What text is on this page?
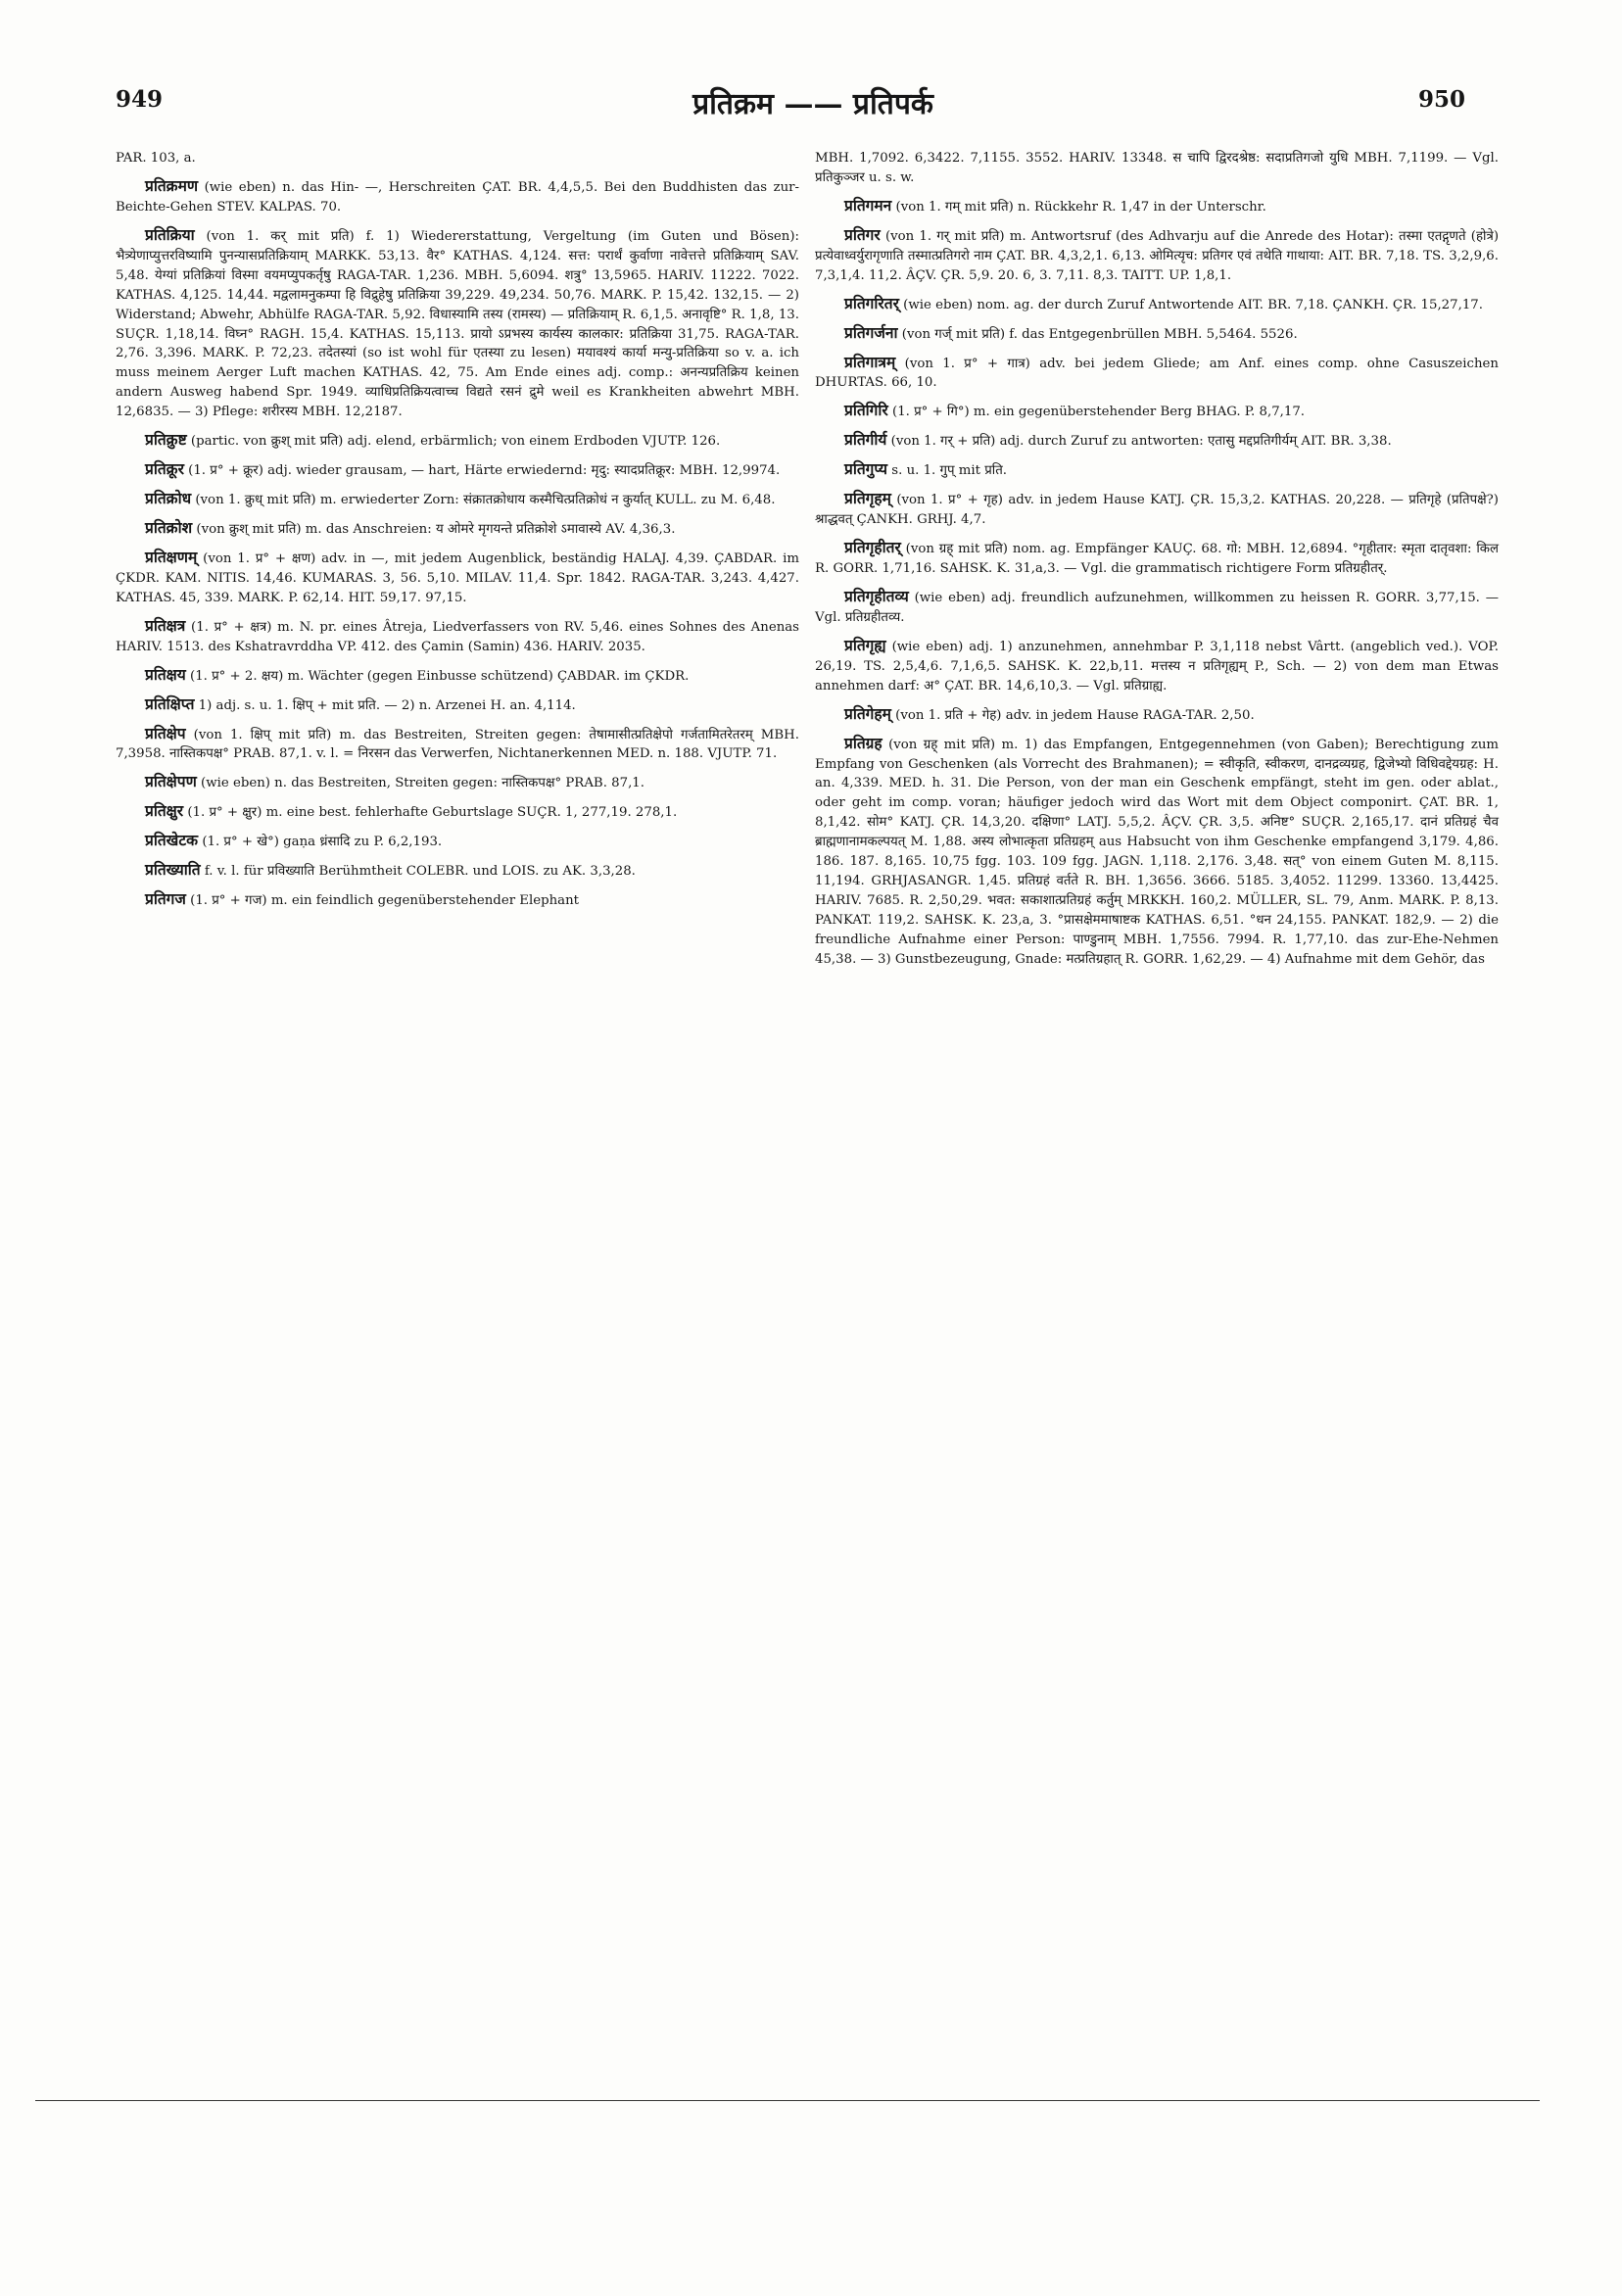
949	प्रतिक्रम —— प्रतिपर्क	950

PAR. 103, a.

प्रतिक्रमण (wie eben) n. das Hin- —, Herschreiten ÇAT. BR. 4,4,5,5. Bei den Buddhisten das zur-Beichte-Gehen STEV. KALPAS. 70.

प्रतिक्रिया (von 1. कर् mit प्रति) f. 1) Wiedererstattung, Vergeltung (im Guten und Bösen): भैत्र्येणाप्युत्तरविष्यामि पुनन्यासप्रतिक्रियाम् MARKK. 53,13. वैर° KATHAS. 4,124. सत्त: परार्थं कुर्वाणा नावेत्तत्ते प्रतिक्रियाम् SAV. 5,48. येग्यां प्रतिक्रियां विस्मा वयमप्युपकर्तृषु RAGA-TAR. 1,236. MBH. 5,6094. शत्रु° 13,5965. HARIV. 11222. 7022. KATHAS. 4,125. 14,44. मद्वलामनुकम्पा हि विद्रुहेषु प्रतिक्रिया 39,229. 49,234. 50,76. MARK. P. 15,42. 132,15. — 2) Widerstand; Abwehr, Abhülfe RAGA-TAR. 5,92. विधास्यामि तस्य (रामस्य) — प्रतिक्रियाम् R. 6,1,5. अनावृष्टि° R. 1,8, 13. SUÇR. 1,18,14. विघ्न° RAGH. 15,4. KATHAS. 15,113. प्रायो ऽप्रभस्य कार्यस्य कालकार: प्रतिक्रिया 31,75. RAGA-TAR. 2,76. 3,396. MARK. P. 72,23. तदेतस्यां (so ist wohl für एतस्या zu lesen) मयावश्यं कार्या मन्यु-प्रतिक्रिया so v. a. ich muss meinem Aerger Luft machen KATHAS. 42, 75. Am Ende eines adj. comp.: अनन्यप्रतिक्रिय keinen andern Ausweg habend Spr. 1949. व्याधिप्रतिक्रियत्वाच्च विद्यते रसनं द्रुमे weil es Krankheiten abwehrt MBH. 12,6835. — 3) Pflege: शरीरस्य MBH. 12,2187.

प्रतिक्रुष्ट (partic. von क्रुश् mit प्रति) adj. elend, erbärmlich; von einem Erdboden VJUTP. 126.

प्रतिक्रूर (1. प्र° + क्रूर) adj. wieder grausam, — hart, Härte erwiedernd: मृदु: स्यादप्रतिक्रूर: MBH. 12,9974.

प्रतिक्रोध (von 1. क्रुध् mit प्रति) m. erwiederter Zorn: संक्रातक्रोधाय कस्मैचित्प्रतिक्रोधं न कुर्यात् KULL. zu M. 6,48.

प्रतिक्रोश (von क्रुश् mit प्रति) m. das Anschreien: य ओमरे मृगयन्ते प्रतिक्रोशे ऽमावास्ये AV. 4,36,3.

प्रतिक्षणम् (von 1. प्र° + क्षण) adv. in —, mit jedem Augenblick, beständig HALAJ. 4,39. ÇABDAR. im ÇKDR. KAM. NITIS. 14,46. KUMARAS. 3, 56. 5,10. MILAV. 11,4. Spr. 1842. RAGA-TAR. 3,243. 4,427. KATHAS. 45, 339. MARK. P. 62,14. HIT. 59,17. 97,15.

प्रतिक्षत्र (1. प्र° + क्षत्र) m. N. pr. eines Âtreja, Liedverfassers von RV. 5,46. eines Sohnes des Anenas HARIV. 1513. des Kshatravrddha VP. 412. des Çamin (Samin) 436. HARIV. 2035.

प्रतिक्षय (1. प्र° + 2. क्षय) m. Wächter (gegen Einbusse schützend) ÇABDAR. im ÇKDR.

प्रतिक्षिप्त 1) adj. s. u. 1. क्षिप् + mit प्रति. — 2) n. Arzenei H. an. 4,114.

प्रतिक्षेप (von 1. क्षिप् mit प्रति) m. das Bestreiten, Streiten gegen: तेषामासीत्प्रतिक्षेपो गर्जतामितरेतरम् MBH. 7,3958. नास्तिकपक्ष° PRAB. 87,1. v. l. = निरसन das Verwerfen, Nichtanerkennen MED. n. 188. VJUTP. 71.

प्रतिक्षेपण (wie eben) n. das Bestreiten, Streiten gegen: नास्तिकपक्ष° PRAB. 87,1.

प्रतिक्षुर (1. प्र° + क्षुर) m. eine best. fehlerhafte Geburtslage SUÇR. 1, 277,19. 278,1.

प्रतिखेटक (1. प्र° + खे°) gaṇa ध्रंसादि zu P. 6,2,193.

प्रतिख्याति f. v. l. für प्रविख्याति Berühmtheit COLEBR. und LOIS. zu AK. 3,3,28.

प्रतिगज (1. प्र° + गज) m. ein feindlich gegenüberstehender Elephant

MBH. 1,7092. 6,3422. 7,1155. 3552. HARIV. 13348. स चापि द्विरदश्रेष्ठ: सदाप्रतिगजो युधि MBH. 7,1199. — Vgl. प्रतिकुञ्जर u. s. w.

प्रतिगमन (von 1. गम् mit प्रति) n. Rückkehr R. 1,47 in der Unterschr.

प्रतिगर (von 1. गर् mit प्रति) m. Antwortsruf (des Adhvarju auf die Anrede des Hotar): तस्मा एतद्गृणते (होत्रे) प्रत्येवाध्वर्युरागृणाति तस्मात्प्रतिगरो नाम ÇAT. BR. 4,3,2,1. 6,13. ओमित्यृच: प्रतिगर एवं तथेति गाथाया: AIT. BR. 7,18. TS. 3,2,9,6. 7,3,1,4. 11,2. ÂÇV. ÇR. 5,9. 20. 6, 3. 7,11. 8,3. TAITT. UP. 1,8,1.

प्रतिगरितर् (wie eben) nom. ag. der durch Zuruf Antwortende AIT. BR. 7,18. ÇANKH. ÇR. 15,27,17.

प्रतिगर्जना (von गर्ज् mit प्रति) f. das Entgegenbrüllen MBH. 5,5464. 5526.

प्रतिगात्रम् (von 1. प्र° + गात्र) adv. bei jedem Gliede; am Anf. eines comp. ohne Casuszeichen DHURTAS. 66, 10.

प्रतिगिरि (1. प्र° + गि°) m. ein gegenüberstehender Berg BHAG. P. 8,7,17.

प्रतिगीर्य (von 1. गर् + प्रति) adj. durch Zuruf zu antworten: एतासु मद्दप्रतिगीर्यम् AIT. BR. 3,38.

प्रतिगुप्य s. u. 1. गुप् mit प्रति.

प्रतिगृहम् (von 1. प्र° + गृह) adv. in jedem Hause KATJ. ÇR. 15,3,2. KATHAS. 20,228. — प्रतिगृहे (प्रतिपक्षे?) श्राद्धवत् ÇANKH. GRHJ. 4,7.

प्रतिगृहीतर् (von ग्रह् mit प्रति) nom. ag. Empfänger KAUÇ. 68. गो: MBH. 12,6894. °गृहीतार: स्मृता दातृवशा: किल R. GORR. 1,71,16. SAHSK. K. 31,a,3. — Vgl. die grammatisch richtigere Form प्रतिग्रहीतर्.

प्रतिगृहीतव्य (wie eben) adj. freundlich aufzunehmen, willkommen zu heissen R. GORR. 3,77,15. — Vgl. प्रतिग्रहीतव्य.

प्रतिगृह्य (wie eben) adj. 1) anzunehmen, annehmbar P. 3,1,118 nebst Vârtt. (angeblich ved.). VOP. 26,19. TS. 2,5,4,6. 7,1,6,5. SAHSK. K. 22,b,11. मत्तस्य न प्रतिगृह्यम् P., Sch. — 2) von dem man Etwas annehmen darf: अ° ÇAT. BR. 14,6,10,3. — Vgl. प्रतिग्राह्य.

प्रतिगेहम् (von 1. प्रति + गेह) adv. in jedem Hause RAGA-TAR. 2,50.

प्रतिग्रह (von ग्रह् mit प्रति) m. 1) das Empfangen, Entgegennehmen (von Gaben); Berechtigung zum Empfang von Geschenken (als Vorrecht des Brahmanen); = स्वीकृति, स्वीकरण, दानद्रव्यग्रह, द्विजेभ्यो विधिवद्देयग्रह: H. an. 4,339. MED. h. 31. Die Person, von der man ein Geschenk empfängt, steht im gen. oder ablat., oder geht im comp. voran; häufiger jedoch wird das Wort mit dem Object componirt. ÇAT. BR. 1, 8,1,42. सोम° KATJ. ÇR. 14,3,20. दक्षिणा° LATJ. 5,5,2. ÂÇV. ÇR. 3,5. अनिष्ट° SUÇR. 2,165,17. दानं प्रतिग्रहं चैव ब्राह्मणानामकल्पयत् M. 1,88. अस्य लोभात्कृता प्रतिग्रहम् aus Habsucht von ihm Geschenke empfangend 3,179. 4,86. 186. 187. 8,165. 10,75 fgg. 103. 109 fgg. JAGN. 1,118. 2,176. 3,48. सत्° von einem Guten M. 8,115. 11,194. GRHJASANGR. 1,45. प्रतिग्रहं वर्तते R. BH. 1,3656. 3666. 5185. 3,4052. 11299. 13360. 13,4425. HARIV. 7685. R. 2,50,29. भवत: सकाशात्प्रतिग्रहं कर्तुम् MRKKH. 160,2. MÜLLER, SL. 79, Anm. MARK. P. 8,13. PANKAT. 119,2. SAHSK. K. 23,a, 3. °प्रासक्षेममाषाष्टक KATHAS. 6,51. °धन 24,155. PANKAT. 182,9. — 2) die freundliche Aufnahme einer Person: पाण्डुनाम् MBH. 1,7556. 7994. R. 1,77,10. das zur-Ehe-Nehmen 45,38. — 3) Gunstbezeugung, Gnade: मत्प्रतिग्रहात् R. GORR. 1,62,29. — 4) Aufnahme mit dem Gehör, das
